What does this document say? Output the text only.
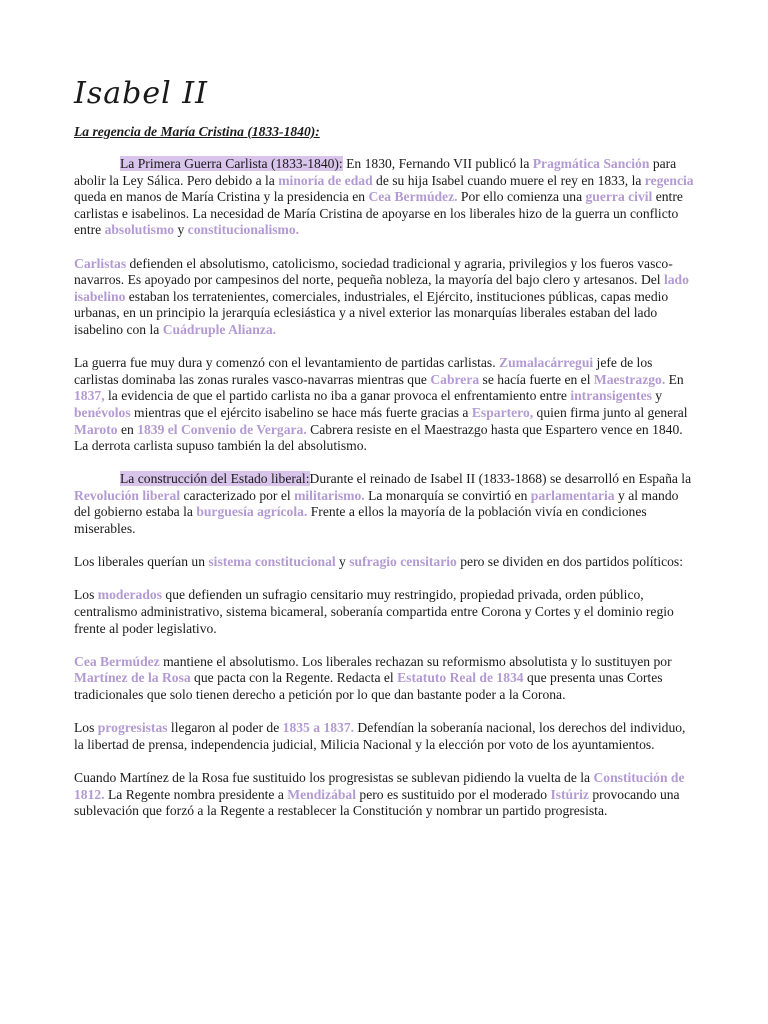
Isabel II
La regencia de María Cristina (1833-1840):

La Primera Guerra Carlista (1833-1840): En 1830, Fernando VII publicó la Pragmática Sanción para abolir la Ley Sálica. Pero debido a la minoría de edad de su hija Isabel cuando muere el rey en 1833, la regencia queda en manos de María Cristina y la presidencia en Cea Bermúdez. Por ello comienza una guerra civil entre carlistas e isabelinos. La necesidad de María Cristina de apoyarse en los liberales hizo de la guerra un conflicto entre absolutismo y constitucionalismo.

Carlistas defienden el absolutismo, catolicismo, sociedad tradicional y agraria, privilegios y los fueros vasco-navarros. Es apoyado por campesinos del norte, pequeña nobleza, la mayoría del bajo clero y artesanos. Del lado isabelino estaban los terratenientes, comerciales, industriales, el Ejército, instituciones públicas, capas medio urbanas, en un principio la jerarquía eclesiástica y a nivel exterior las monarquías liberales estaban del lado isabelino con la Cuádruple Alianza.

La guerra fue muy dura y comenzó con el levantamiento de partidas carlistas. Zumalacárregui jefe de los carlistas dominaba las zonas rurales vasco-navarras mientras que Cabrera se hacía fuerte en el Maestrazgo. En 1837, la evidencia de que el partido carlista no iba a ganar provoca el enfrentamiento entre intransigentes y benévolos mientras que el ejército isabelino se hace más fuerte gracias a Espartero, quien firma junto al general Maroto en 1839 el Convenio de Vergara. Cabrera resiste en el Maestrazgo hasta que Espartero vence en 1840. La derrota carlista supuso también la del absolutismo.

La construcción del Estado liberal:Durante el reinado de Isabel II (1833-1868) se desarrolló en España la Revolución liberal caracterizado por el militarismo. La monarquía se convirtió en parlamentaria y al mando del gobierno estaba la burguesía agrícola. Frente a ellos la mayoría de la población vivía en condiciones miserables.

Los liberales querían un sistema constitucional y sufragio censitario pero se dividen en dos partidos políticos:

Los moderados que defienden un sufragio censitario muy restringido, propiedad privada, orden público, centralismo administrativo, sistema bicameral, soberanía compartida entre Corona y Cortes y el dominio regio frente al poder legislativo.

Cea Bermúdez mantiene el absolutismo. Los liberales rechazan su reformismo absolutista y lo sustituyen por Martínez de la Rosa que pacta con la Regente. Redacta el Estatuto Real de 1834 que presenta unas Cortes tradicionales que solo tienen derecho a petición por lo que dan bastante poder a la Corona.

Los progresistas llegaron al poder de 1835 a 1837. Defendían la soberanía nacional, los derechos del individuo, la libertad de prensa, independencia judicial, Milicia Nacional y la elección por voto de los ayuntamientos.

Cuando Martínez de la Rosa fue sustituido los progresistas se sublevan pidiendo la vuelta de la Constitución de 1812. La Regente nombra presidente a Mendizábal pero es sustituido por el moderado Istúriz provocando una sublevación que forzó a la Regente a restablecer la Constitución y nombrar un partido progresista.
